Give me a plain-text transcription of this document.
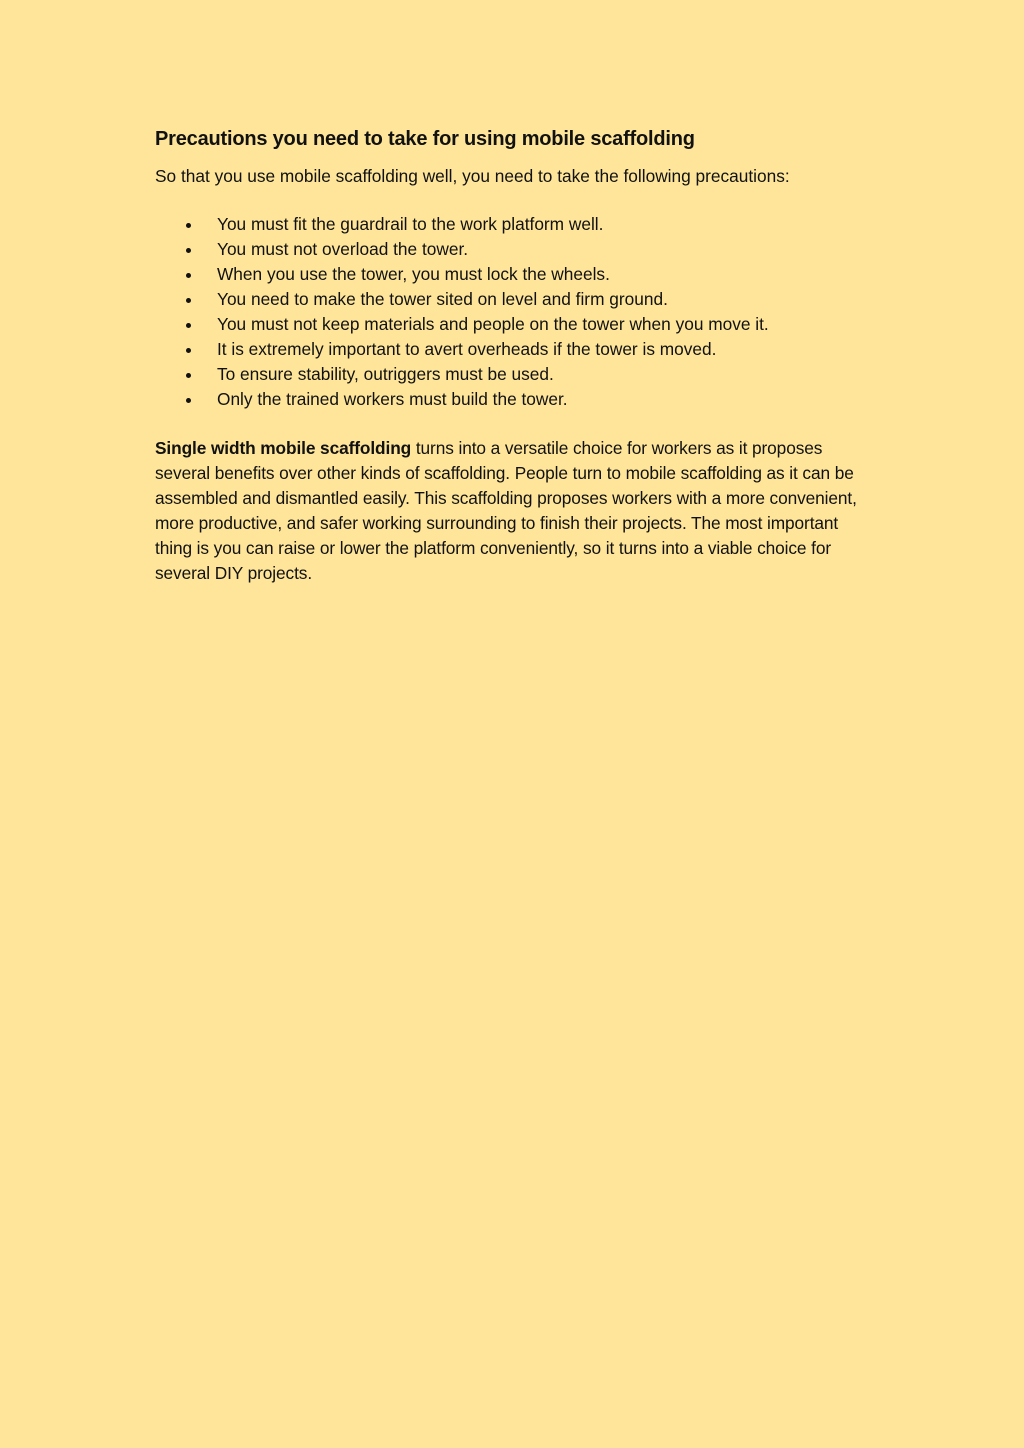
Precautions you need to take for using mobile scaffolding

So that you use mobile scaffolding well, you need to take the following precautions:

You must fit the guardrail to the work platform well.
You must not overload the tower.
When you use the tower, you must lock the wheels.
You need to make the tower sited on level and firm ground.
You must not keep materials and people on the tower when you move it.
It is extremely important to avert overheads if the tower is moved.
To ensure stability, outriggers must be used.
Only the trained workers must build the tower.

Single width mobile scaffolding turns into a versatile choice for workers as it proposes several benefits over other kinds of scaffolding. People turn to mobile scaffolding as it can be assembled and dismantled easily. This scaffolding proposes workers with a more convenient, more productive, and safer working surrounding to finish their projects. The most important thing is you can raise or lower the platform conveniently, so it turns into a viable choice for several DIY projects.
